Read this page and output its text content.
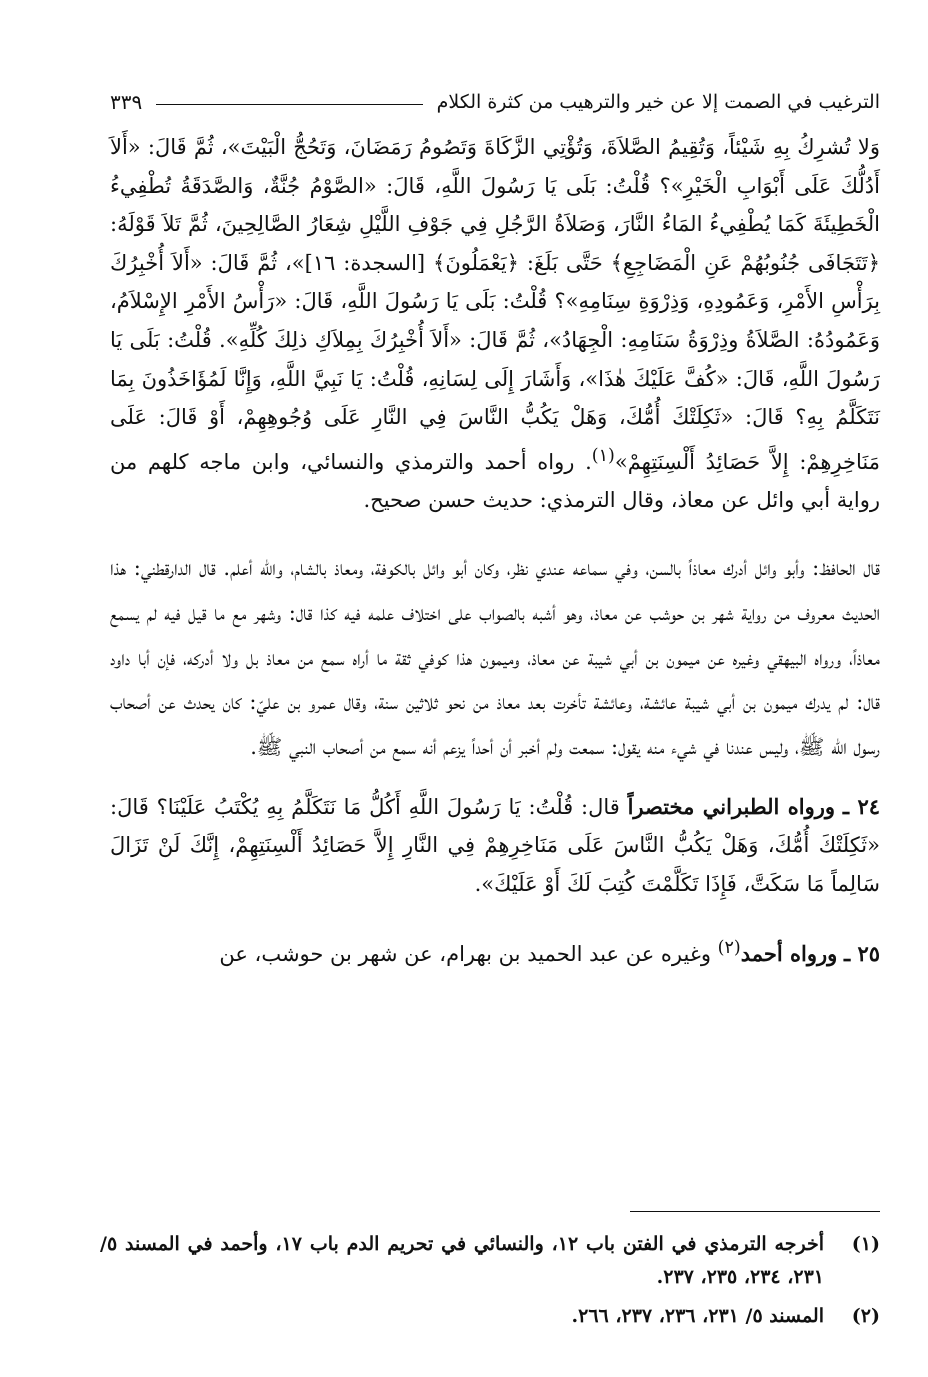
الترغيب في الصمت إلا عن خير والترهيب من كثرة الكلام
٣٣٩

وَلا تُشرِكُ بِهِ شَيْئاً، وَتُقِيمُ الصَّلاَةَ، وَتُؤْتِي الزَّكَاةَ وَتَصُومُ رَمَضَانَ، وَتَحُجُّ الْبَيْتَ»، ثُمَّ قَالَ: «أَلاَ أَدُلُّكَ عَلَى أَبْوَابِ الْخَيْرِ»؟ قُلْتُ: بَلَى يَا رَسُولَ اللَّهِ، قَالَ: «الصَّوْمُ جُنَّةٌ، وَالصَّدَقَةُ تُطْفِيءُ الْخَطِيئَةَ كَمَا يُطْفِيءُ المَاءُ النَّارَ، وَصَلاَةُ الرَّجُلِ فِي جَوْفِ اللَّيْلِ شِعَارُ الصَّالِحِينَ، ثُمَّ تَلاَ قَوْلَهُ: ﴿تَتَجَافَى جُنُوبُهُمْ عَنِ الْمَضَاجِعِ﴾ حَتَّى بَلَغَ: ﴿يَعْمَلُونَ﴾ [السجدة: ١٦]»، ثُمَّ قَالَ: «أَلاَ أُخْبِرُكَ بِرَأْسِ الأَمْرِ، وَعَمُودِهِ، وَذِرْوَةِ سِنَامِهِ»؟ قُلْتُ: بَلَى يَا رَسُولَ اللَّهِ، قَالَ: «رَأْسُ الأَمْرِ الإِسْلاَمُ، وَعَمُودُهُ: الصَّلاَةُ وذِرْوَةُ سَنَامِهِ: الْجِهَادُ»، ثُمَّ قَالَ: «أَلاَ أُخْبِرُكَ بِمِلاَكِ ذلِكَ كُلِّهِ». قُلْتُ: بَلَى يَا رَسُولَ اللَّهِ، قَالَ: «كُفَّ عَلَيْكَ هٰذَا»، وَأَشَارَ إِلَى لِسَانِهِ، قُلْتُ: يَا نَبِيَّ اللَّهِ، وَإِنَّا لَمُؤَاخَذُونَ بِمَا نَتَكَلَّمُ بِهِ؟ قَالَ: «ثَكِلَتْكَ أُمُّكَ، وَهَلْ يَكُبُّ النَّاسَ فِي النَّارِ عَلَى وُجُوهِهِمْ، أَوْ قَالَ: عَلَى مَنَاخِرِهِمْ: إِلاَّ حَصَائِدُ أَلْسِنَتِهِمْ»$^{(١)}$. رواه أحمد والترمذي والنسائي، وابن ماجه كلهم من رواية أبي وائل عن معاذ، وقال الترمذي: حديث حسن صحيح.

قال الحافظ: وأبو وائل أدرك معاذاً بالسن، وفي سماعه عندي نظر، وكان أبو وائل بالكوفة، ومعاذ بالشام، والله أعلم. قال الدارقطني: هذا الحديث معروف من رواية شهر بن حوشب عن معاذ، وهو أشبه بالصواب على اختلاف علمه فيه كذا قال: وشهر مع ما قيل فيه لم يسمع معاذاً، ورواه البيهقي وغيره عن ميمون بن أبي شيبة عن معاذ، وميمون هذا كوفي ثقة ما أراه سمع من معاذ بل ولا أدركه، فإن أبا داود قال: لم يدرك ميمون بن أبي شيبة عائشة، وعائشة تأخرت بعد معاذ من نحو ثلاثين سنة، وقال عمرو بن عليّ: كان يحدث عن أصحاب رسول الله ﷺ، وليس عندنا في شيء منه يقول: سمعت ولم أخبر أن أحداً يزعم أنه سمع من أصحاب النبي ﷺ.

٢٤ ـ ورواه الطبراني مختصراً قال: قُلْتُ: يَا رَسُولَ اللَّهِ أَكُلُّ مَا نَتَكَلَّمُ بِهِ يُكْتَبُ عَلَيْنَا؟ قَالَ: «ثَكِلَتْكَ أُمُّكَ، وَهَلْ يَكُبُّ النَّاسَ عَلَى مَنَاخِرِهِمْ فِي النَّارِ إِلاَّ حَصَائِدُ أَلْسِنَتِهِمْ، إِنَّكَ لَنْ تَزَالَ سَالِماً مَا سَكَتَّ، فَإِذَا تَكَلَّمْتَ كُتِبَ لَكَ أَوْ عَلَيْكَ».

٢٥ ـ ورواه أحمد$^{(٢)}$ وغيره عن عبد الحميد بن بهرام، عن شهر بن حوشب، عن

(١)
أخرجه الترمذي في الفتن باب ١٢، والنسائي في تحريم الدم باب ١٧، وأحمد في المسند ٥/ ٢٣١، ٢٣٤، ٢٣٥، ٢٣٧.
(٢)
المسند ٥/ ٢٣١، ٢٣٦، ٢٣٧، ٢٦٦.
